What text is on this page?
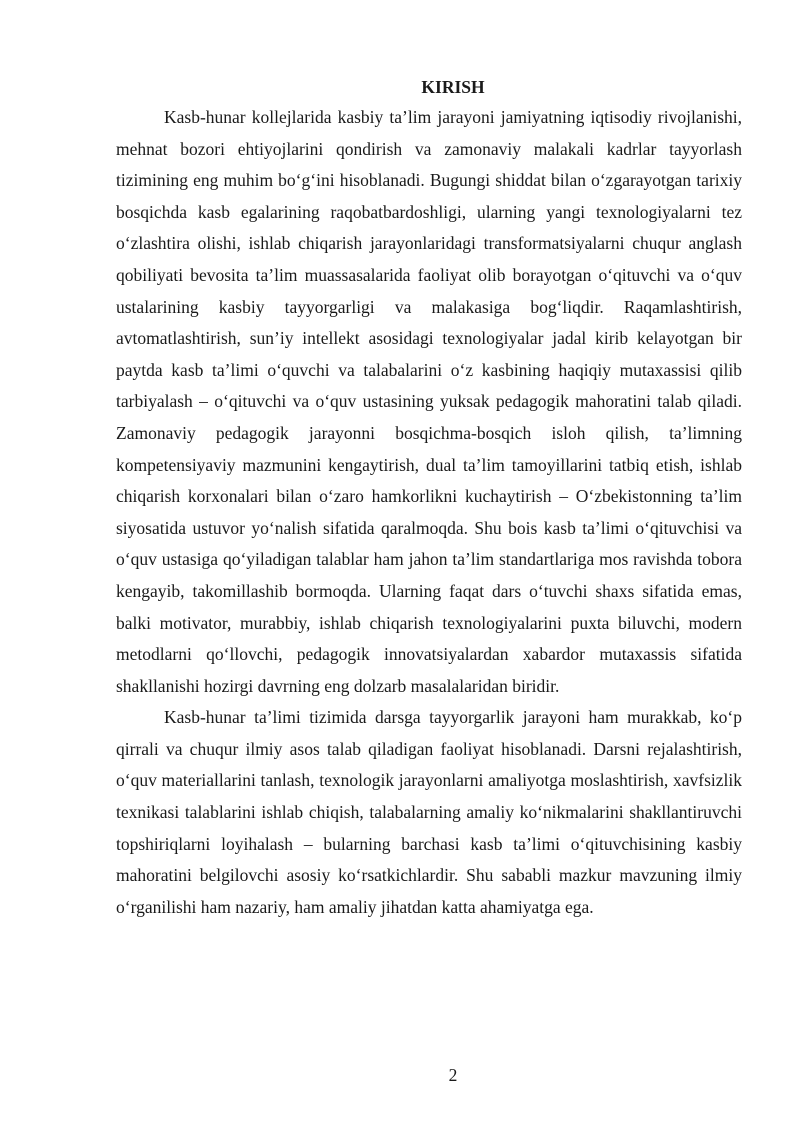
KIRISH

Kasb-hunar kollejlarida kasbiy ta’lim jarayoni jamiyatning iqtisodiy rivojlanishi, mehnat bozori ehtiyojlarini qondirish va zamonaviy malakali kadrlar tayyorlash tizimining eng muhim bo‘g‘ini hisoblanadi. Bugungi shiddat bilan o‘zgarayotgan tarixiy bosqichda kasb egalarining raqobatbardoshligi, ularning yangi texnologiyalarni tez o‘zlashtira olishi, ishlab chiqarish jarayonlaridagi transformatsiyalarni chuqur anglash qobiliyati bevosita ta’lim muassasalarida faoliyat olib borayotgan o‘qituvchi va o‘quv ustalarining kasbiy tayyorgarligi va malakasiga bog‘liqdir. Raqamlashtirish, avtomatlashtirish, sun’iy intellekt asosidagi texnologiyalar jadal kirib kelayotgan bir paytda kasb ta’limi o‘quvchi va talabalarini o‘z kasbining haqiqiy mutaxassisi qilib tarbiyalash – o‘qituvchi va o‘quv ustasining yuksak pedagogik mahoratini talab qiladi. Zamonaviy pedagogik jarayonni bosqichma-bosqich isloh qilish, ta’limning kompetensiyaviy mazmunini kengaytirish, dual ta’lim tamoyillarini tatbiq etish, ishlab chiqarish korxonalari bilan o‘zaro hamkorlikni kuchaytirish – O‘zbekistonning ta’lim siyosatida ustuvor yo‘nalish sifatida qaralmoqda. Shu bois kasb ta’limi o‘qituvchisi va o‘quv ustasiga qo‘yiladigan talablar ham jahon ta’lim standartlariga mos ravishda tobora kengayib, takomillashib bormoqda. Ularning faqat dars o‘tuvchi shaxs sifatida emas, balki motivator, murabbiy, ishlab chiqarish texnologiyalarini puxta biluvchi, modern metodlarni qo‘llovchi, pedagogik innovatsiyalardan xabardor mutaxassis sifatida shakllanishi hozirgi davrning eng dolzarb masalalaridan biridir.

Kasb-hunar ta’limi tizimida darsga tayyorgarlik jarayoni ham murakkab, ko‘p qirrali va chuqur ilmiy asos talab qiladigan faoliyat hisoblanadi. Darsni rejalashtirish, o‘quv materiallarini tanlash, texnologik jarayonlarni amaliyotga moslashtirish, xavfsizlik texnikasi talablarini ishlab chiqish, talabalarning amaliy ko‘nikmalarini shakllantiruvchi topshiriqlarni loyihalash – bularning barchasi kasb ta’limi o‘qituvchisining kasbiy mahoratini belgilovchi asosiy ko‘rsatkichlardir. Shu sababli mazkur mavzuning ilmiy o‘rganilishi ham nazariy, ham amaliy jihatdan katta ahamiyatga ega.

2
